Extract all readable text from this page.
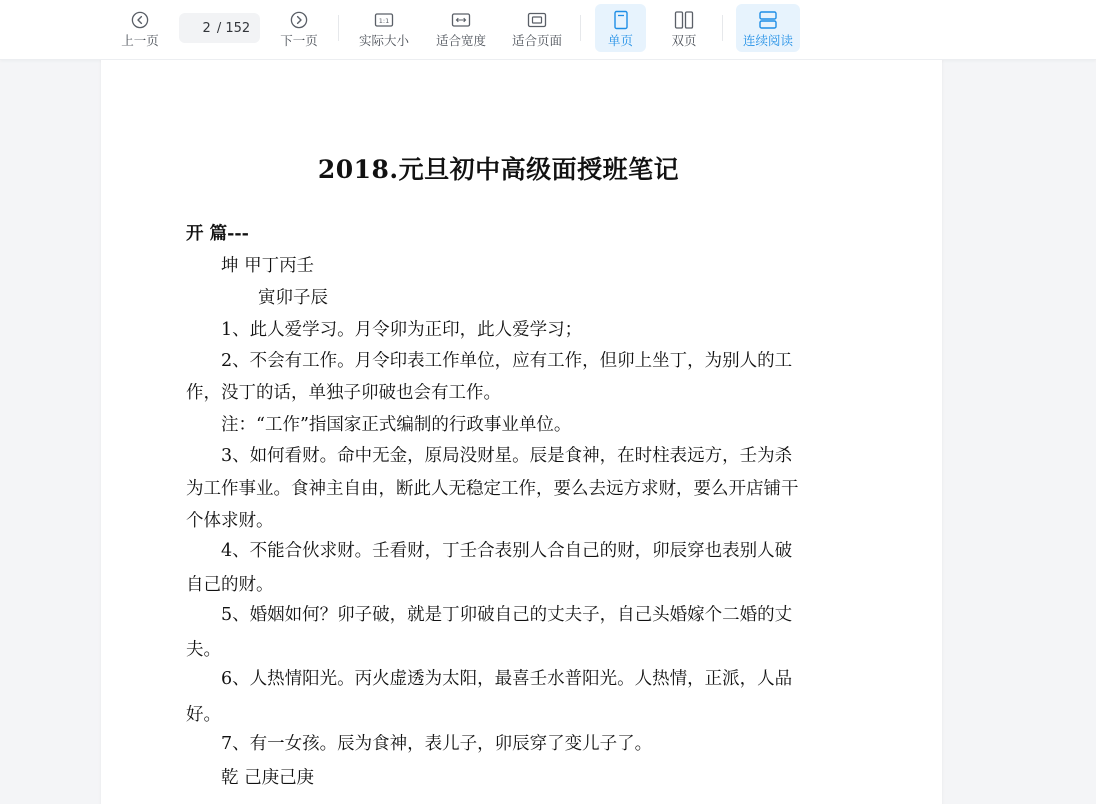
上一页
2
/ 152
下一页
1:1
实际大小 适合宽度 适合页面	单页	双页	连续阅读
2018.元旦初中高级面授班笔记
开 篇---
坤 甲丁丙壬
寅卯子辰
1、此人爱学习。月令卯为正印，此人爱学习；
2、不会有工作。月令印表工作单位，应有工作，但卯上坐丁，为别人的工
作，没丁的话，单独子卯破也会有工作。
注：“工作”指国家正式编制的行政事业单位。
3、如何看财。命中无金，原局没财星。辰是食神，在时柱表远方，壬为杀
为工作事业。食神主自由，断此人无稳定工作，要么去远方求财，要么开店铺干
个体求财。
4、不能合伙求财。壬看财，丁壬合表别人合自己的财，卯辰穿也表别人破
自己的财。
5、婚姻如何？卯子破，就是丁卯破自己的丈夫子，自己头婚嫁个二婚的丈
夫。
6、人热情阳光。丙火虚透为太阳，最喜壬水普阳光。人热情，正派，人品
好。
7、有一女孩。辰为食神，表儿子，卯辰穿了变儿子了。
乾 己庚己庚
